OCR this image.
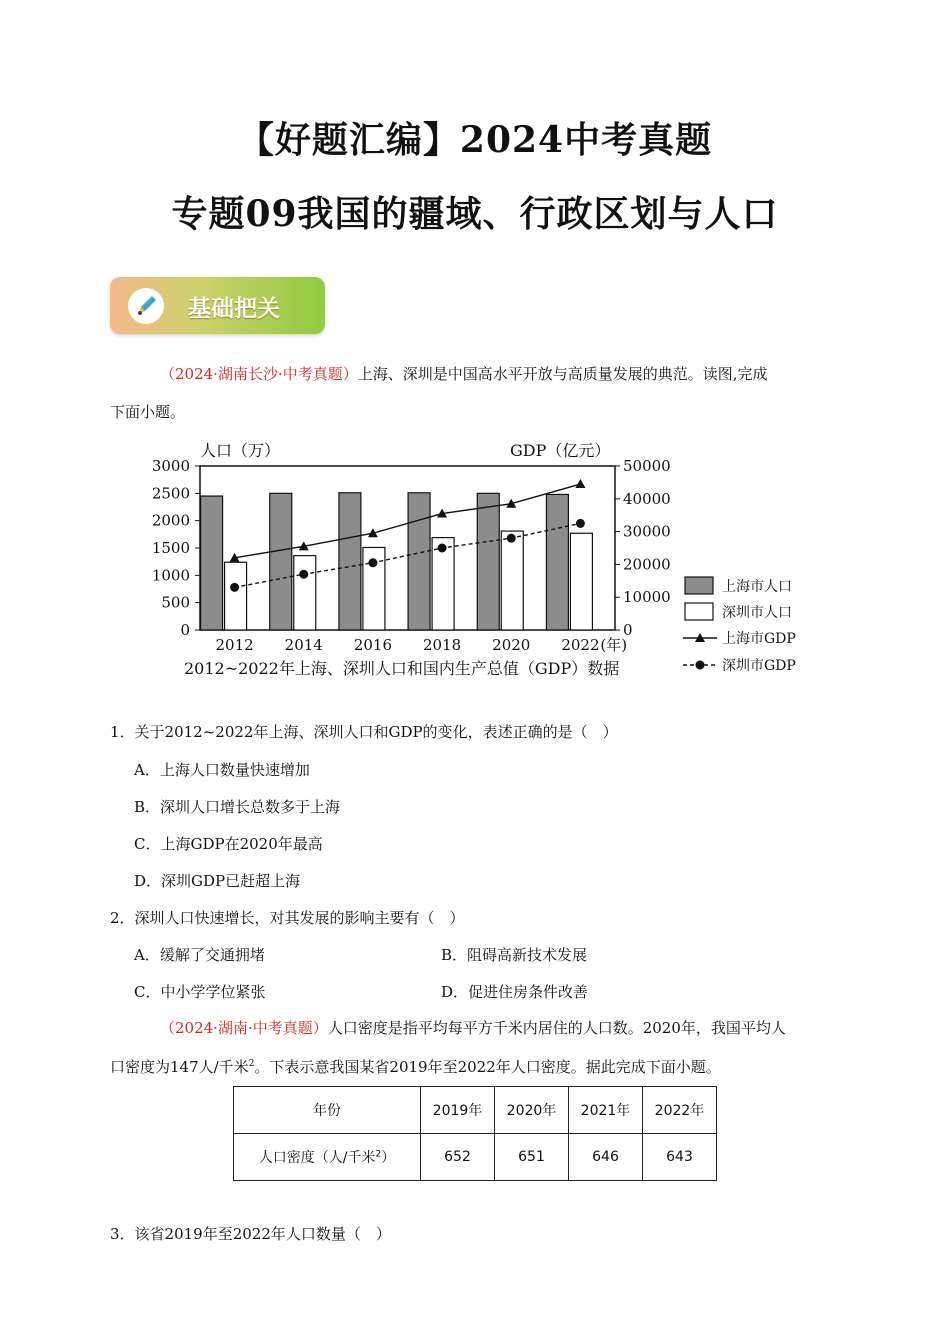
【好题汇编】2024中考真题
专题09我国的疆域、行政区划与人口
基础把关
（2024·湖南长沙·中考真题）上海、深圳是中国高水平开放与高质量发展的典范。读图,完成
下面小题。
人口（万）	GDP（亿元）
0
500
1000
1500
2000
2500
3000
0
10000
20000
30000
40000
50000
2012 2014 2016 2018 2020 2022 (年)
上海市人口
深圳市人口
上海市GDP
深圳市GDP
2012~2022年上海、深圳人口和国内生产总值（GDP）数据
1．关于2012~2022年上海、深圳人口和GDP的变化，表述正确的是（　）
A．上海人口数量快速增加
B．深圳人口增长总数多于上海
C．上海GDP在2020年最高
D．深圳GDP已赶超上海
2．深圳人口快速增长，对其发展的影响主要有（　）
A．缓解了交通拥堵	B．阻碍高新技术发展
C．中小学学位紧张	D．促进住房条件改善
（2024·湖南·中考真题）人口密度是指平均每平方千米内居住的人口数。2020年，我国平均人
口密度为147人/千米$^2$。下表示意我国某省2019年至2022年人口密度。据此完成下面小题。
年份	2019年	2020年	2021年	2022年
人口密度（人/千米$^2$）	652	651	646	643
3．该省2019年至2022年人口数量（　）
